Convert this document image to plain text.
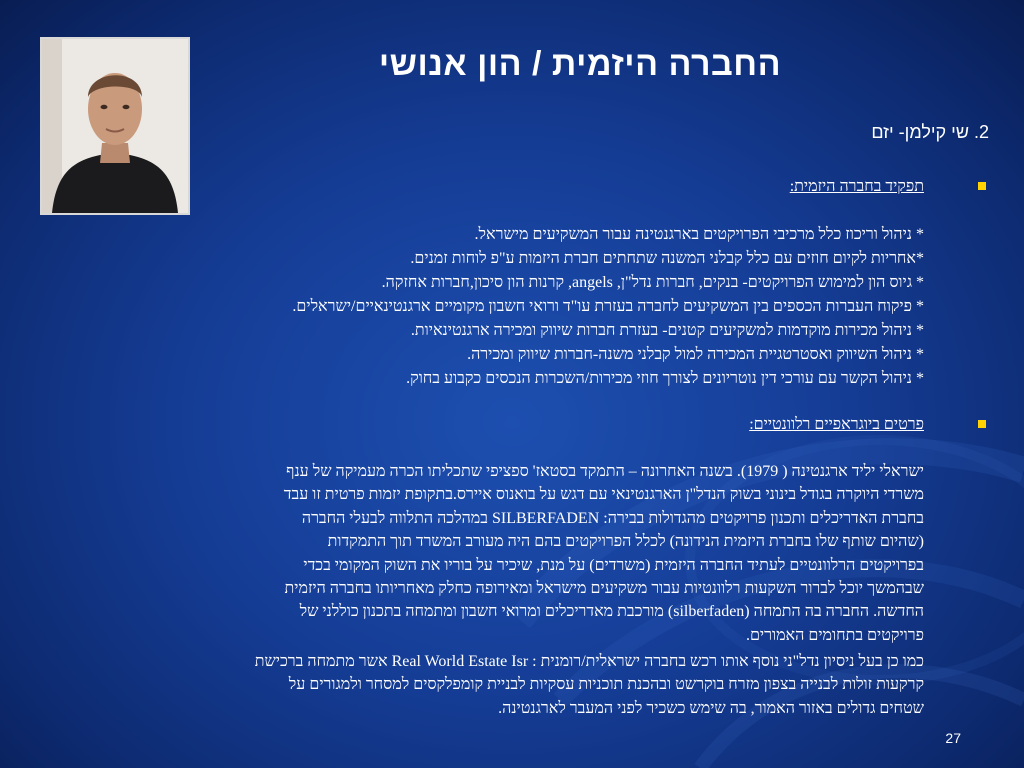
החברה היזמית / הון אנושי
2. שי קילמן- יזם
תפקיד בחברה היזמית:
* ניהול וריכוז כלל מרכיבי הפרויקטים בארגנטינה עבור המשקיעים מישראל.
*אחריות לקיום חוזים עם כלל קבלני המשנה שתחתים חברת היזמות ע"פ לוחות זמנים.
* גיוס הון למימוש הפרויקטים- בנקים, חברות נדל"ן, angels, קרנות הון סיכון,חברות אחזקה.
* פיקוח העברות הכספים בין המשקיעים לחברה בעזרת עו"ד ורואי חשבון מקומיים ארגנטינאיים/ישראלים.
* ניהול מכירות מוקדמות למשקיעים קטנים- בעזרת חברות שיווק ומכירה ארגנטינאיות.
* ניהול השיווק ואסטרטגיית המכירה למול קבלני משנה-חברות שיווק ומכירה.
* ניהול הקשר עם עורכי דין נוטריונים לצורך חוזי מכירות/השכרות הנכסים כקבוע בחוק.
פרטים ביוגראפיים רלוונטיים:
ישראלי יליד ארגנטינה ( 1979). בשנה האחרונה – התמקד בסטאז' ספציפי שתכליתו הכרה מעמיקה של ענף
משרדי היוקרה בגודל בינוני בשוק הנדל"ן הארגנטינאי עם דגש על בואנוס איירס.בתקופת יזמות פרטית זו עבד
בחברת האדריכלים ותכנון פרויקטים מהגדולות בבירה: SILBERFADEN במהלכה התלווה לבעלי החברה
(שהיום שותף שלו בחברת היזמית הנידונה) לכלל הפרויקטים בהם היה מעורב המשרד תוך התמקדות
בפרויקטים הרלוונטיים לעתיד החברה היזמית (משרדים) על מנת, שיכיר על בוריו את השוק המקומי בכדי
שבהמשך יוכל לברור השקעות רלוונטיות עבור משקיעים מישראל ומאירופה כחלק מאחריותו בחברה היזמית
החדשה. החברה בה התמחה (silberfaden) מורכבת מאדריכלים ומרואי חשבון ומתמחה בתכנון כוללני של
פרויקטים בתחומים האמורים.
כמו כן בעל ניסיון נדל"ני נוסף אותו רכש בחברה ישראלית/רומנית : Real World Estate Isr אשר מתמחה ברכישת
קרקעות זולות לבנייה בצפון מזרח בוקרשט ובהכנת תוכניות עסקיות לבניית קומפלקסים למסחר ולמגורים על
שטחים גדולים באזור האמור, בה שימש כשכיר לפני המעבר לארגנטינה.
27
